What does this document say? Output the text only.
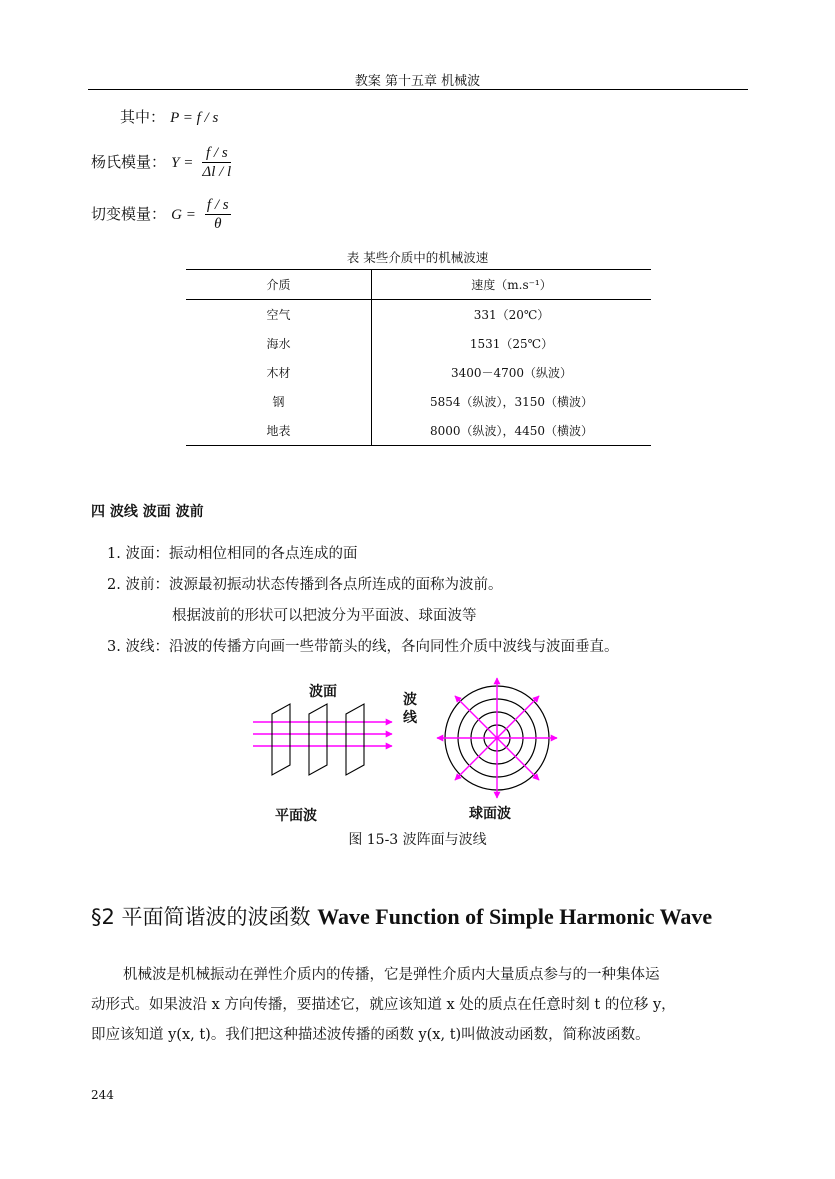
教案 第十五章 机械波
其中： P = f / s
杨氏模量： $Y = \frac{f / s}{\Delta l / l}$
切变模量： $G = \frac{f / s}{\theta}$
表 某些介质中的机械波速
介质	速度（m.s⁻¹）
空气	331（20℃）
海水	1531（25℃）
木材	3400－4700（纵波）
钢	5854（纵波），3150（横波）
地表	8000（纵波），4450（横波）
四 波线 波面 波前
1. 波面：振动相位相同的各点连成的面
2. 波前：波源最初振动状态传播到各点所连成的面称为波前。
根据波前的形状可以把波分为平面波、球面波等
3. 波线：沿波的传播方向画一些带箭头的线，各向同性介质中波线与波面垂直。
波面	波
线
平面波	球面波
图 15-3 波阵面与波线
§2 平面简谐波的波函数 Wave Function of Simple Harmonic Wave
机械波是机械振动在弹性介质内的传播，它是弹性介质内大量质点参与的一种集体运
动形式。如果波沿 x 方向传播，要描述它，就应该知道 x 处的质点在任意时刻 t 的位移 y，
即应该知道 y(x, t)。我们把这种描述波传播的函数 y(x, t)叫做波动函数，简称波函数。
244
